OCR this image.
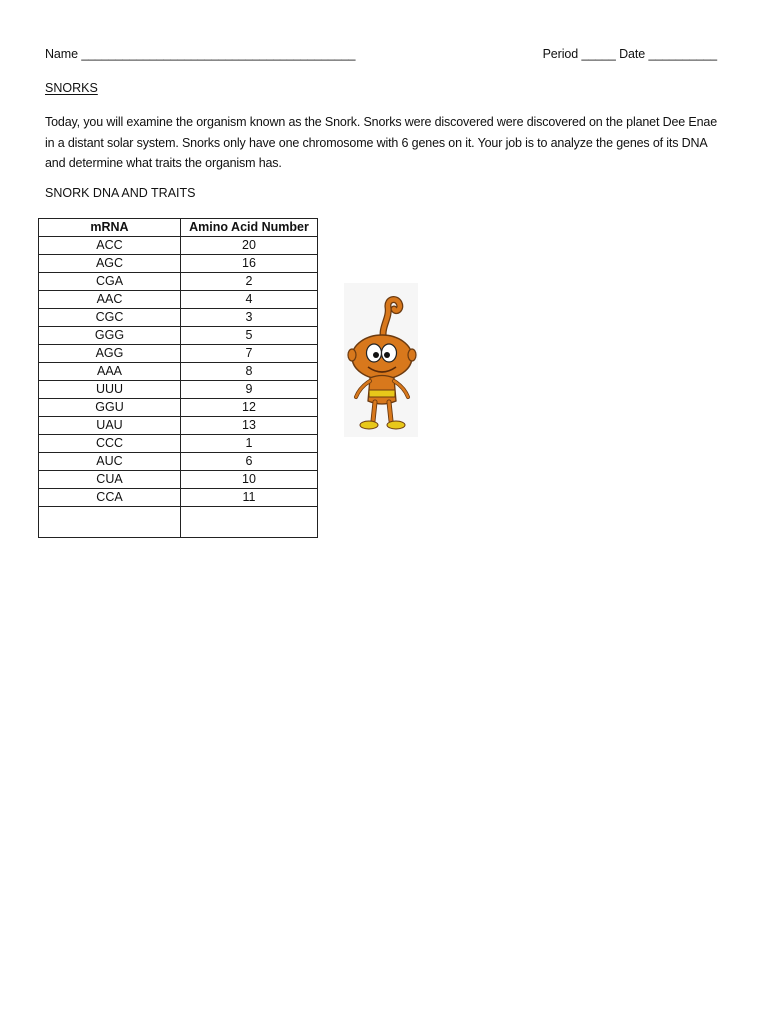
Name ________________________________________	Period _____ Date __________
SNORKS
Today, you will examine the organism known as the Snork. Snorks were discovered were discovered on the planet Dee Enae in a distant solar system. Snorks only have one chromosome with 6 genes on it. Your job is to analyze the genes of its DNA and determine what traits the organism has.
SNORK DNA AND TRAITS
mRNA	Amino Acid Number
ACC	20
AGC	16
CGA	2
AAC	4
CGC	3
GGG	5
AGG	7
AAA	8
UUU	9
GGU	12
UAU	13
CCC	1
AUC	6
CUA	10
CCA	11
